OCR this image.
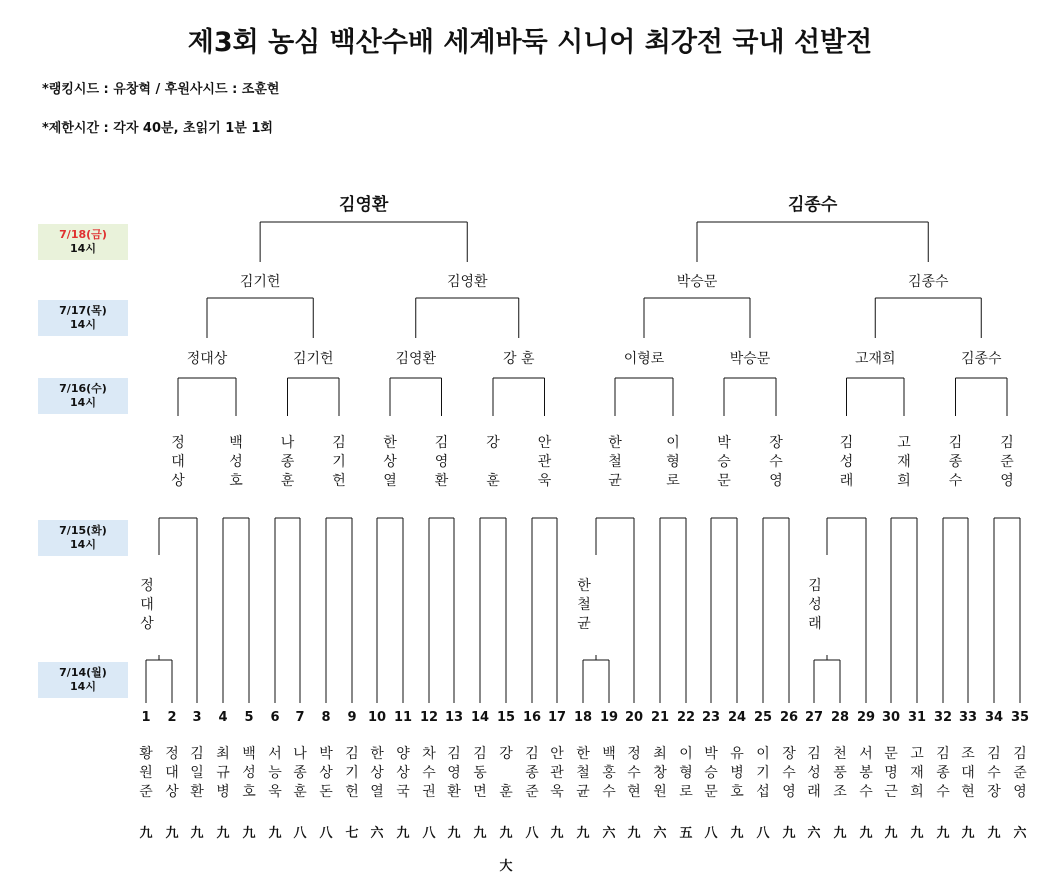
제3회 농심 백산수배 세계바둑 시니어 최강전 국내 선발전
*랭킹시드 : 유창혁 / 후원사시드 : 조훈현
*제한시간 : 각자 40분, 초읽기 1분 1회
7/18(금)
14시
7/17(목)
14시
7/16(수)
14시
7/15(화)
14시
7/14(월)
14시
김영환	김종수
김기헌	김영환	박승문	김종수
정대상	김기헌	김영환	강 훈	이형로	박승문	고재희	김종수
정
대
상
백
성
호
나
종
훈
김
기
헌
한
상
열
김
영
환
강

훈
안
관
욱
한
철
균
이
형
로
박
승
문
장
수
영
김
성
래
고
재
희
김
종
수
김
준
영
정
대
상
한
철
균
김
성
래
1
황
원
준
九
2
정
대
상
九
3
김
일
환
九
4
최
규
병
九
5
백
성
호
九
6
서
능
욱
九
7
나
종
훈
八
8
박
상
돈
八
9
김
기
헌
七
10
한
상
열
六
11
양
상
국
九
12
차
수
권
八
13
김
영
환
九
14
김
동
면
九
15
강

훈
九
16
김
종
준
八
17
안
관
욱
九
18
한
철
균
九
19
백
홍
수
六
20
정
수
현
九
21
최
창
원
六
22
이
형
로
五
23
박
승
문
八
24
유
병
호
九
25
이
기
섭
八
26
장
수
영
九
27
김
성
래
六
28
천
풍
조
九
29
서
봉
수
九
30
문
명
근
九
31
고
재
희
九
32
김
종
수
九
33
조
대
현
九
34
김
수
장
九
35
김
준
영
六
大
